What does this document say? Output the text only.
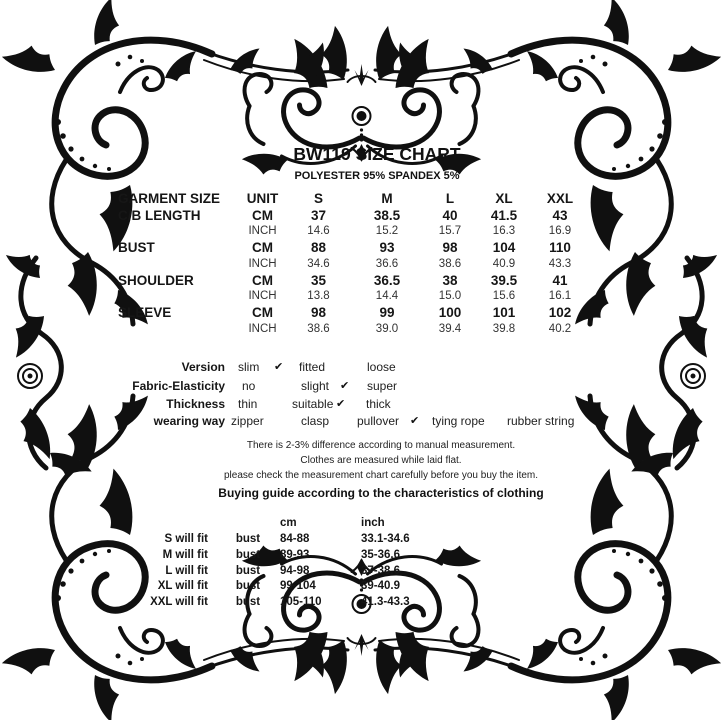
BW119 SIZE CHART
POLYESTER 95% SPANDEX 5%
GARMENT SIZE	UNIT	S	M	L	XL	XXL
C/B LENGTH	CM	37	38.5	40	41.5	43
	INCH	14.6	15.2	15.7	16.3	16.9
BUST	CM	88	93	98	104	110
	INCH	34.6	36.6	38.6	40.9	43.3
SHOULDER	CM	35	36.5	38	39.5	41
	INCH	13.8	14.4	15.0	15.6	16.1
SLEEVE	CM	98	99	100	101	102
	INCH	38.6	39.0	39.4	39.8	40.2
Version slim ✔ fitted	loose
Fabric-Elasticity no	slight ✔ super
Thickness thin	suitable ✔ thick
wearing way zipper	clasp pullover ✔ tying rope rubber string
There is 2-3% difference according to manual measurement.
Clothes are measured while laid flat.
please check the measurement chart carefully before you buy the item.
Buying guide according to the characteristics of clothing
		cm	inch
S will fit	bust	84-88	33.1-34.6
M will fit	bust	89-93	35-36.6
L will fit	bust	94-98	37-38.6
XL will fit	bust	99-104	39-40.9
XXL will fit	bust	105-110	41.3-43.3
